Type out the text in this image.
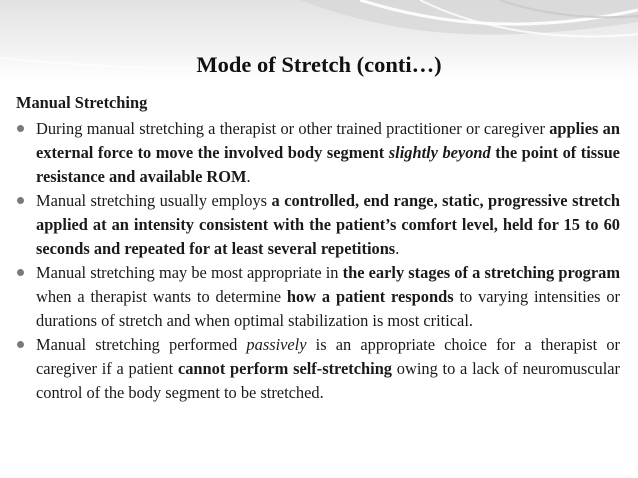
Mode of Stretch (conti…)
Manual Stretching
During manual stretching a therapist or other trained practitioner or caregiver applies an external force to move the involved body segment slightly beyond the point of tissue resistance and available ROM.
Manual stretching usually employs a controlled, end range, static, progressive stretch applied at an intensity consistent with the patient’s comfort level, held for 15 to 60 seconds and repeated for at least several repetitions.
Manual stretching may be most appropriate in the early stages of a stretching program when a therapist wants to determine how a patient responds to varying intensities or durations of stretch and when optimal stabilization is most critical.
Manual stretching performed passively is an appropriate choice for a therapist or caregiver if a patient cannot perform self-stretching owing to a lack of neuromuscular control of the body segment to be stretched.
